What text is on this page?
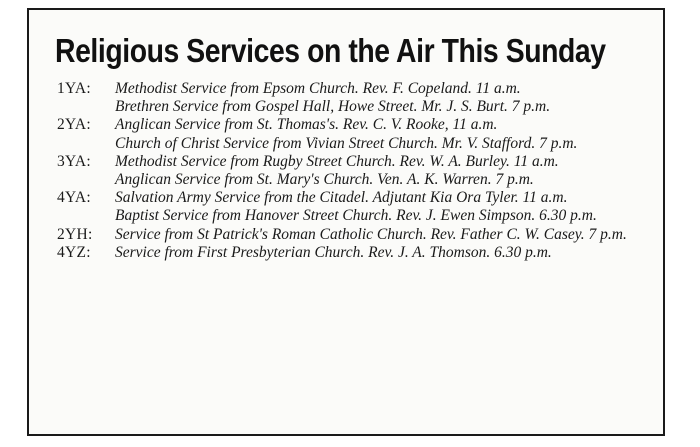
Religious Services on the Air This Sunday
1YA:	Methodist Service from Epsom Church. Rev. F. Copeland. 11 a.m.
Brethren Service from Gospel Hall, Howe Street. Mr. J. S. Burt. 7 p.m.
2YA:	Anglican Service from St. Thomas's. Rev. C. V. Rooke, 11 a.m.
Church of Christ Service from Vivian Street Church. Mr. V. Stafford. 7 p.m.
3YA:	Methodist Service from Rugby Street Church. Rev. W. A. Burley. 11 a.m.
Anglican Service from St. Mary's Church. Ven. A. K. Warren. 7 p.m.
4YA:	Salvation Army Service from the Citadel. Adjutant Kia Ora Tyler. 11 a.m.
Baptist Service from Hanover Street Church. Rev. J. Ewen Simpson. 6.30 p.m.
2YH:	Service from St Patrick's Roman Catholic Church. Rev. Father C. W. Casey. 7 p.m.
4YZ:	Service from First Presbyterian Church. Rev. J. A. Thomson. 6.30 p.m.
